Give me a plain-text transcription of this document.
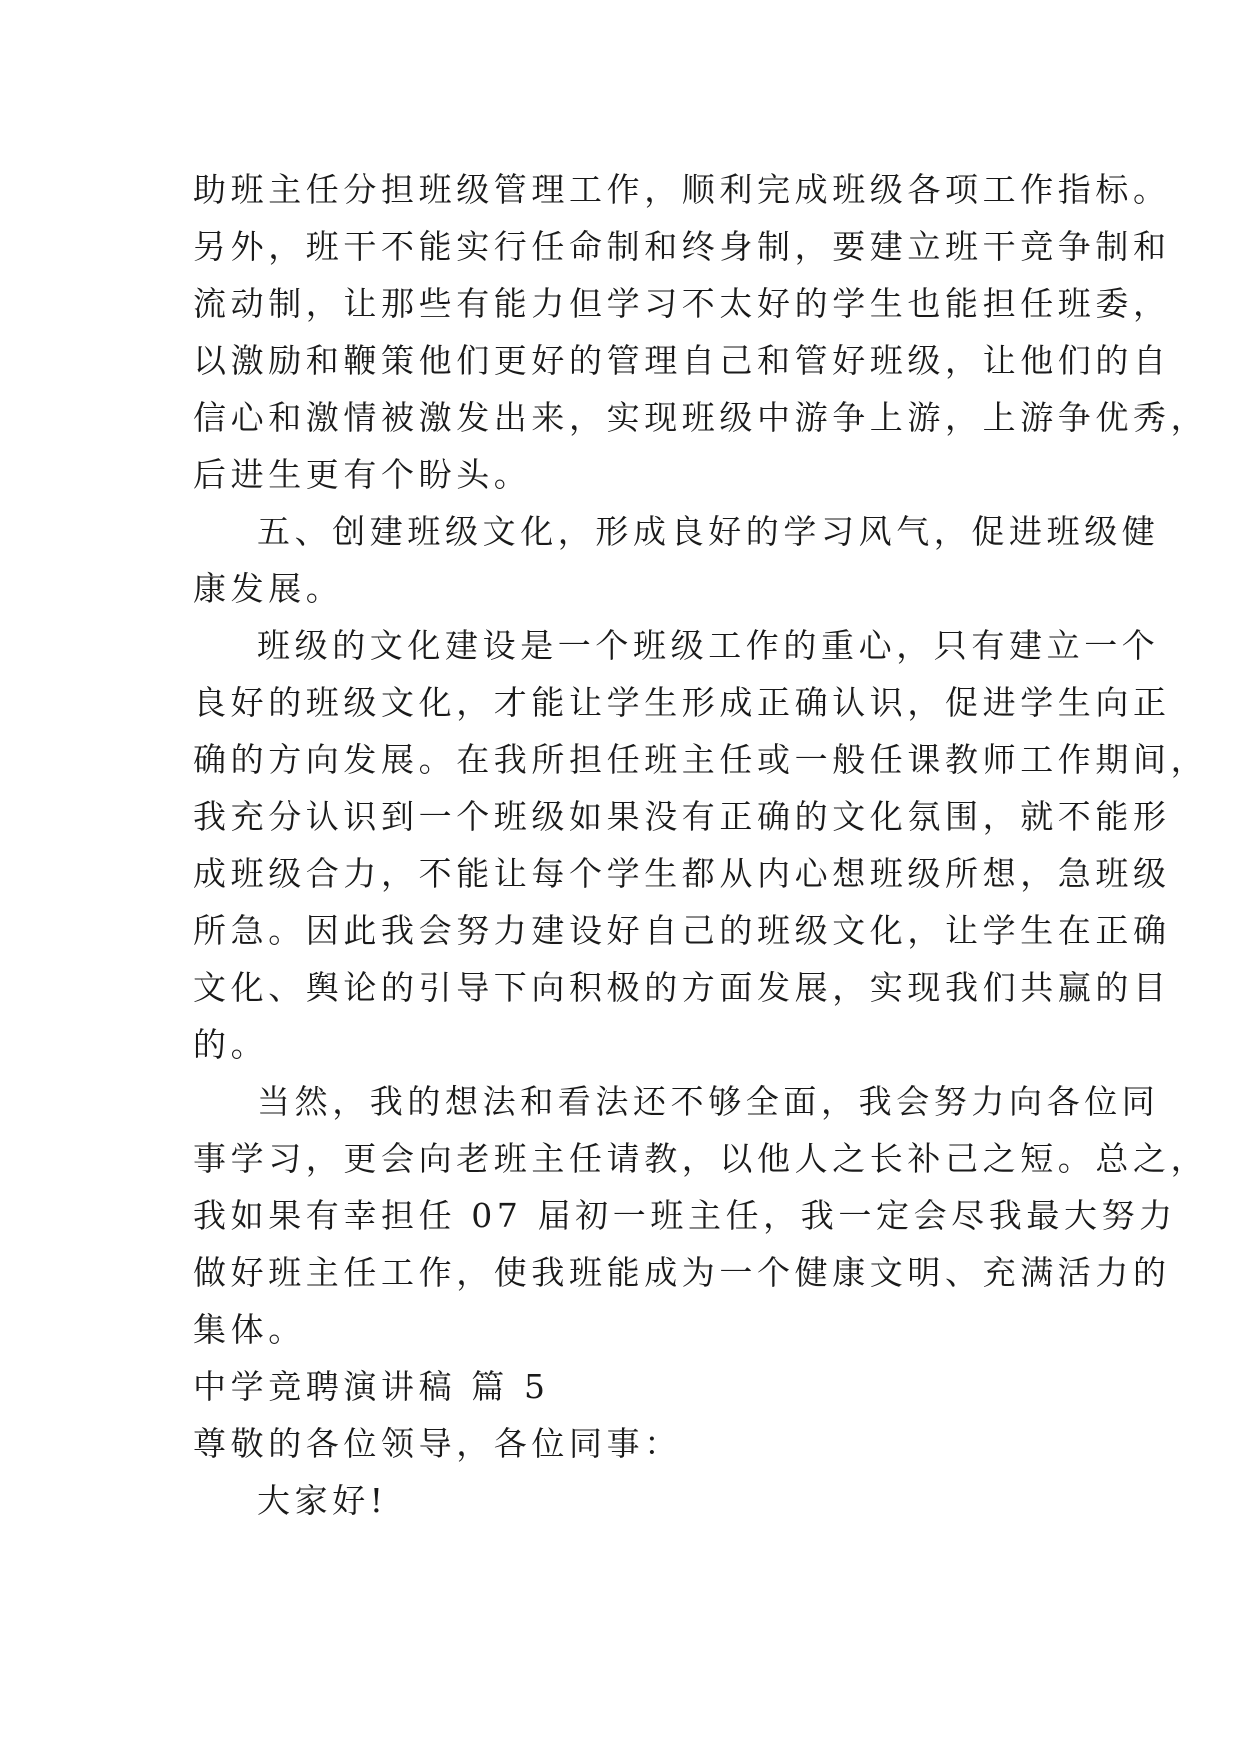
助班主任分担班级管理工作，顺利完成班级各项工作指标。
另外，班干不能实行任命制和终身制，要建立班干竞争制和
流动制，让那些有能力但学习不太好的学生也能担任班委，
以激励和鞭策他们更好的管理自己和管好班级，让他们的自
信心和激情被激发出来，实现班级中游争上游，上游争优秀，
后进生更有个盼头。
五、创建班级文化，形成良好的学习风气，促进班级健
康发展。
班级的文化建设是一个班级工作的重心，只有建立一个
良好的班级文化，才能让学生形成正确认识，促进学生向正
确的方向发展。在我所担任班主任或一般任课教师工作期间，
我充分认识到一个班级如果没有正确的文化氛围，就不能形
成班级合力，不能让每个学生都从内心想班级所想，急班级
所急。因此我会努力建设好自己的班级文化，让学生在正确
文化、舆论的引导下向积极的方面发展，实现我们共赢的目
的。
当然，我的想法和看法还不够全面，我会努力向各位同
事学习，更会向老班主任请教，以他人之长补己之短。总之，
我如果有幸担任 07 届初一班主任，我一定会尽我最大努力
做好班主任工作，使我班能成为一个健康文明、充满活力的
集体。
中学竞聘演讲稿 篇 5
尊敬的各位领导，各位同事：
大家好!
